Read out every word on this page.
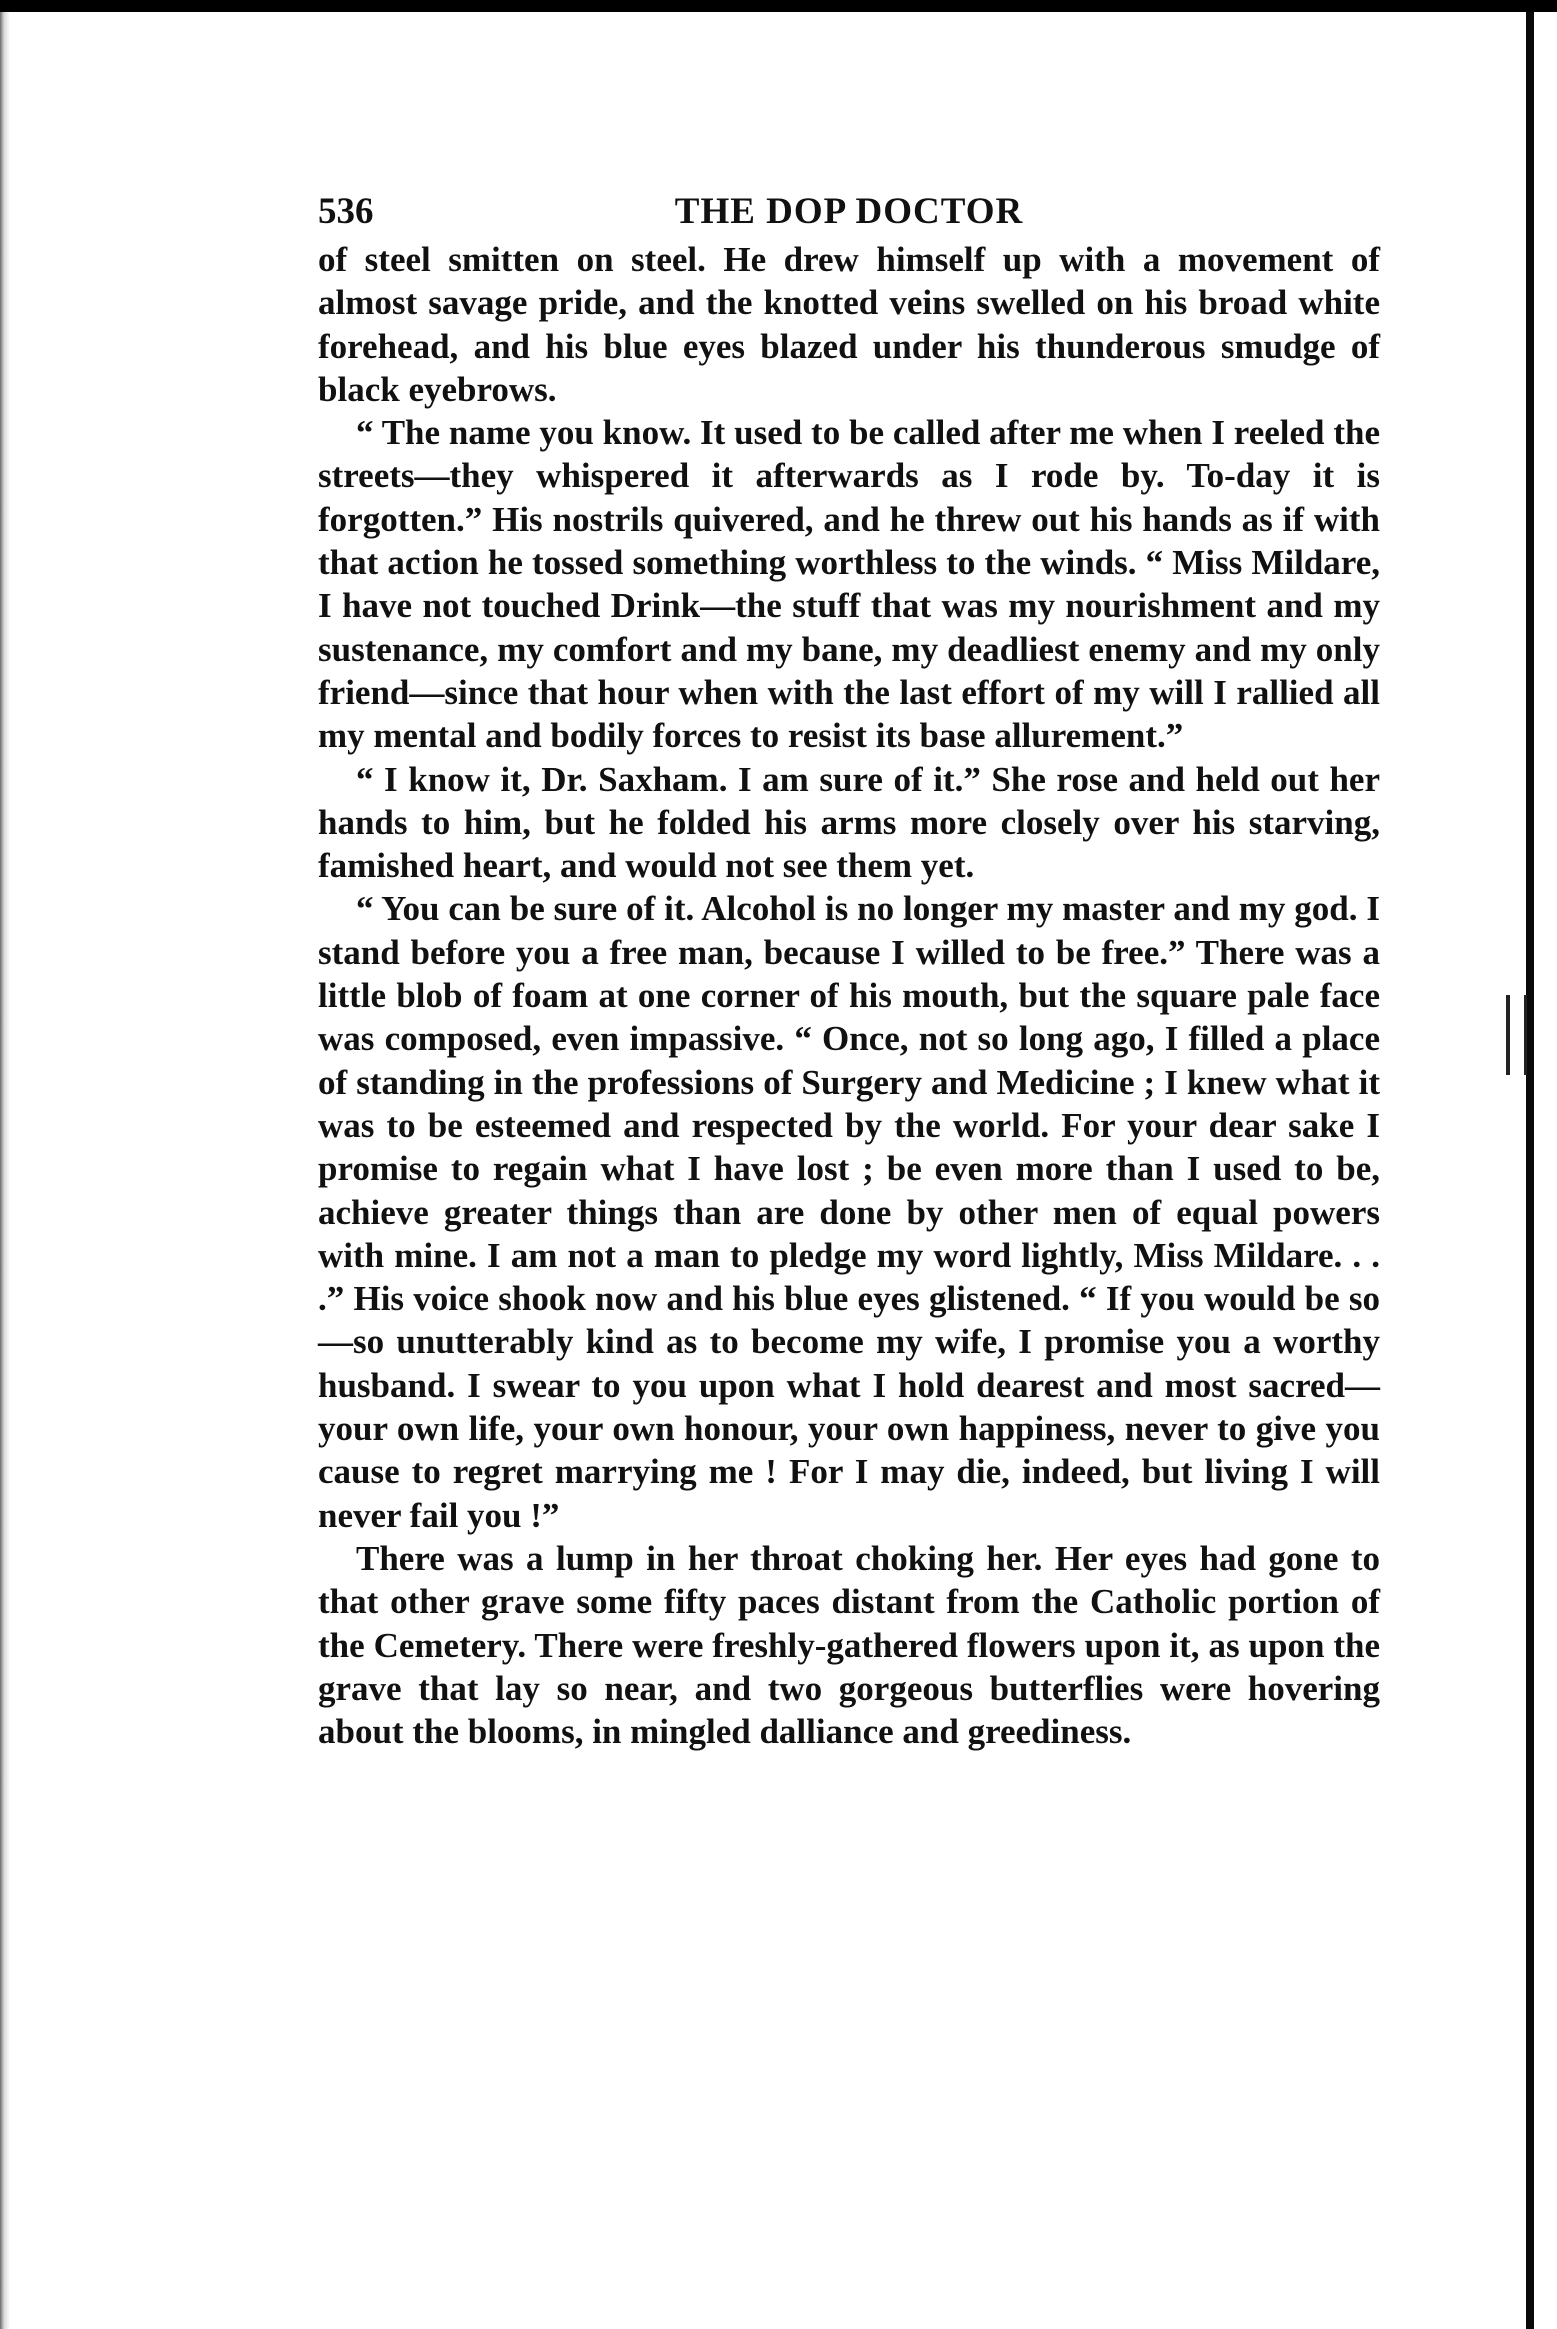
536	THE DOP DOCTOR

of steel smitten on steel. He drew himself up with a movement of almost savage pride, and the knotted veins swelled on his broad white forehead, and his blue eyes blazed under his thunderous smudge of black eyebrows.

“ The name you know. It used to be called after me when I reeled the streets—they whispered it afterwards as I rode by. To-day it is forgotten.” His nostrils quivered, and he threw out his hands as if with that action he tossed something worthless to the winds. “ Miss Mildare, I have not touched Drink—the stuff that was my nourishment and my sustenance, my comfort and my bane, my deadliest enemy and my only friend—since that hour when with the last effort of my will I rallied all my mental and bodily forces to resist its base allurement.”

“ I know it, Dr. Saxham. I am sure of it.” She rose and held out her hands to him, but he folded his arms more closely over his starving, famished heart, and would not see them yet.

“ You can be sure of it. Alcohol is no longer my master and my god. I stand before you a free man, because I willed to be free.” There was a little blob of foam at one corner of his mouth, but the square pale face was composed, even impassive. “ Once, not so long ago, I filled a place of standing in the professions of Surgery and Medicine ; I knew what it was to be esteemed and respected by the world. For your dear sake I promise to regain what I have lost ; be even more than I used to be, achieve greater things than are done by other men of equal powers with mine. I am not a man to pledge my word lightly, Miss Mildare. . . .” His voice shook now and his blue eyes glistened. “ If you would be so—so unutterably kind as to become my wife, I promise you a worthy husband. I swear to you upon what I hold dearest and most sacred—your own life, your own honour, your own happiness, never to give you cause to regret marrying me ! For I may die, indeed, but living I will never fail you !”

There was a lump in her throat choking her. Her eyes had gone to that other grave some fifty paces distant from the Catholic portion of the Cemetery. There were freshly-gathered flowers upon it, as upon the grave that lay so near, and two gorgeous butterflies were hovering about the blooms, in mingled dalliance and greediness.
